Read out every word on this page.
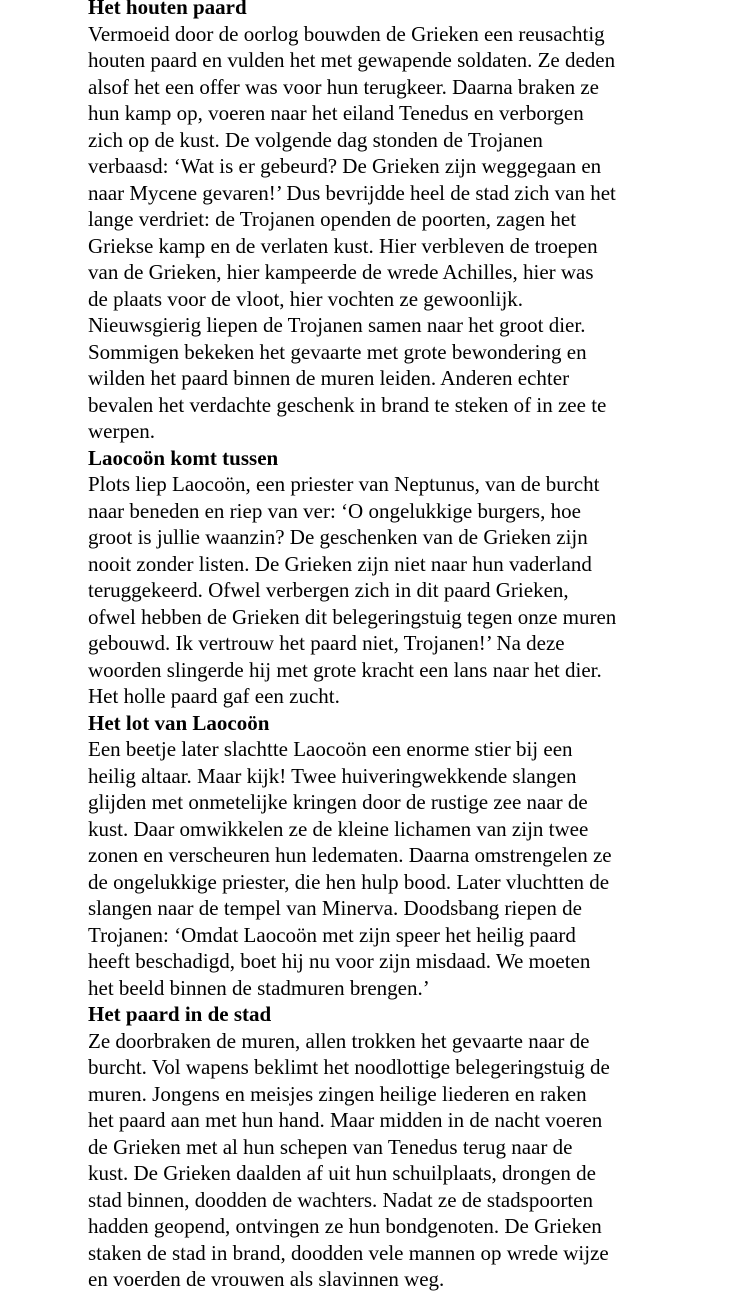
Het houten paard
Vermoeid door de oorlog bouwden de Grieken een reusachtig
houten paard en vulden het met gewapende soldaten. Ze deden
alsof het een offer was voor hun terugkeer. Daarna braken ze
hun kamp op, voeren naar het eiland Tenedus en verborgen
zich op de kust. De volgende dag stonden de Trojanen
verbaasd: ‘Wat is er gebeurd? De Grieken zijn weggegaan en
naar Mycene gevaren!’ Dus bevrijdde heel de stad zich van het
lange verdriet: de Trojanen openden de poorten, zagen het
Griekse kamp en de verlaten kust. Hier verbleven de troepen
van de Grieken, hier kampeerde de wrede Achilles, hier was
de plaats voor de vloot, hier vochten ze gewoonlijk.
Nieuwsgierig liepen de Trojanen samen naar het groot dier.
Sommigen bekeken het gevaarte met grote bewondering en
wilden het paard binnen de muren leiden. Anderen echter
bevalen het verdachte geschenk in brand te steken of in zee te
werpen.
Laocoön komt tussen
Plots liep Laocoön, een priester van Neptunus, van de burcht
naar beneden en riep van ver: ‘O ongelukkige burgers, hoe
groot is jullie waanzin? De geschenken van de Grieken zijn
nooit zonder listen. De Grieken zijn niet naar hun vaderland
teruggekeerd. Ofwel verbergen zich in dit paard Grieken,
ofwel hebben de Grieken dit belegeringstuig tegen onze muren
gebouwd. Ik vertrouw het paard niet, Trojanen!’ Na deze
woorden slingerde hij met grote kracht een lans naar het dier.
Het holle paard gaf een zucht.
Het lot van Laocoön
Een beetje later slachtte Laocoön een enorme stier bij een
heilig altaar. Maar kijk! Twee huiveringwekkende slangen
glijden met onmetelijke kringen door de rustige zee naar de
kust. Daar omwikkelen ze de kleine lichamen van zijn twee
zonen en verscheuren hun ledematen. Daarna omstrengelen ze
de ongelukkige priester, die hen hulp bood. Later vluchtten de
slangen naar de tempel van Minerva. Doodsbang riepen de
Trojanen: ‘Omdat Laocoön met zijn speer het heilig paard
heeft beschadigd, boet hij nu voor zijn misdaad. We moeten
het beeld binnen de stadmuren brengen.’
Het paard in de stad
Ze doorbraken de muren, allen trokken het gevaarte naar de
burcht. Vol wapens beklimt het noodlottige belegeringstuig de
muren. Jongens en meisjes zingen heilige liederen en raken
het paard aan met hun hand. Maar midden in de nacht voeren
de Grieken met al hun schepen van Tenedus terug naar de
kust. De Grieken daalden af uit hun schuilplaats, drongen de
stad binnen, doodden de wachters. Nadat ze de stadspoorten
hadden geopend, ontvingen ze hun bondgenoten. De Grieken
staken de stad in brand, doodden vele mannen op wrede wijze
en voerden de vrouwen als slavinnen weg.
